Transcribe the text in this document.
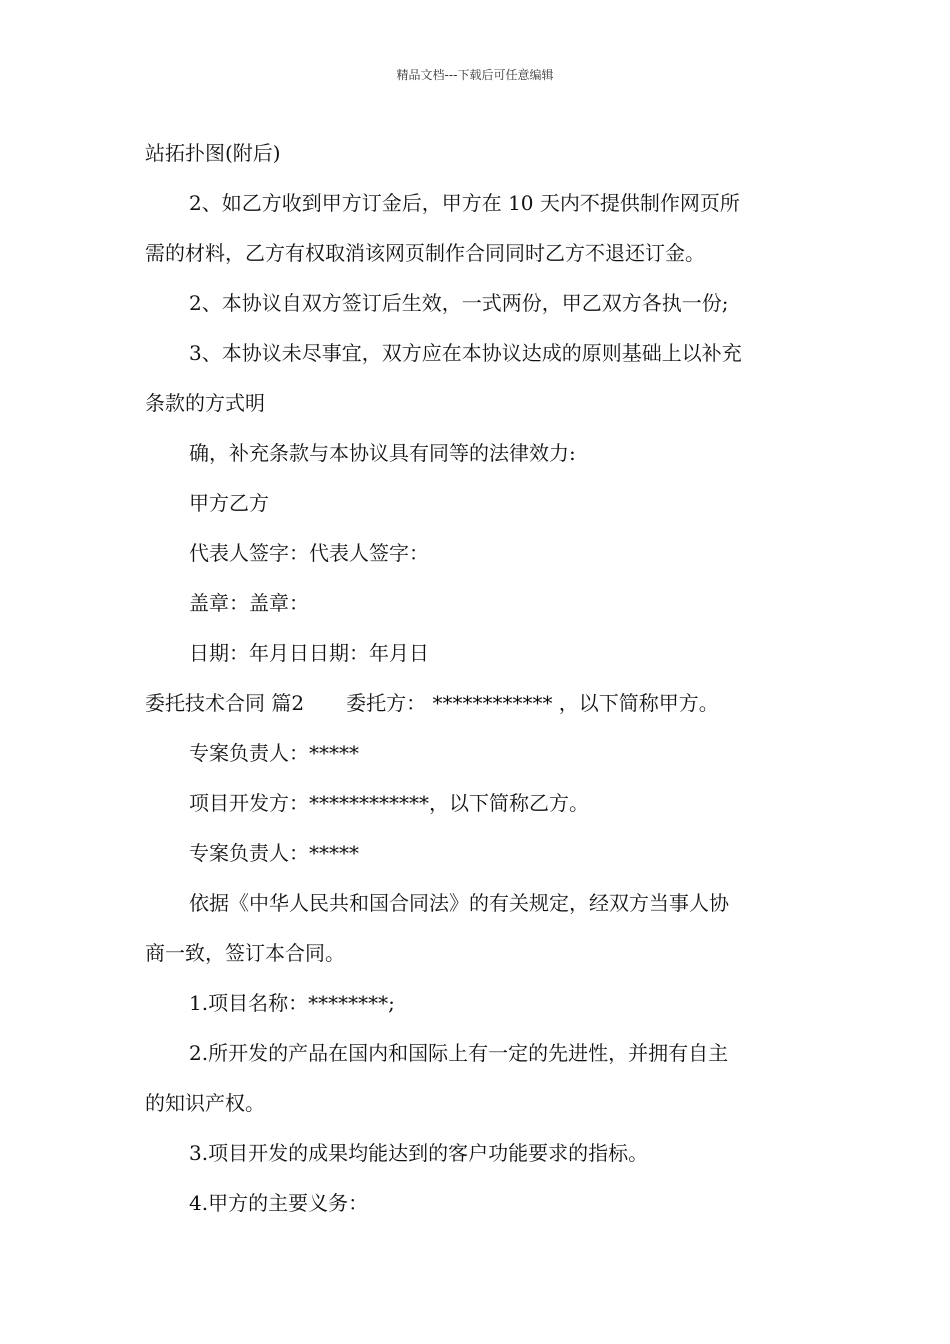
精品文档---下载后可任意编辑
站拓扑图(附后)
2、如乙方收到甲方订金后，甲方在 10 天内不提供制作网页所
需的材料，乙方有权取消该网页制作合同同时乙方不退还订金。
2、本协议自双方签订后生效，一式两份，甲乙双方各执一份;
3、本协议未尽事宜，双方应在本协议达成的原则基础上以补充
条款的方式明
确，补充条款与本协议具有同等的法律效力:
甲方乙方
代表人签字：代表人签字：
盖章：盖章：
日期：年月日日期：年月日
委托技术合同 篇2 委托方： ************ ，以下简称甲方。
专案负责人：*****
项目开发方：************，以下简称乙方。
专案负责人：*****
依据《中华人民共和国合同法》的有关规定，经双方当事人协
商一致，签订本合同。
1.项目名称：********;
2.所开发的产品在国内和国际上有一定的先进性，并拥有自主
的知识产权。
3.项目开发的成果均能达到的客户功能要求的指标。
4.甲方的主要义务：
